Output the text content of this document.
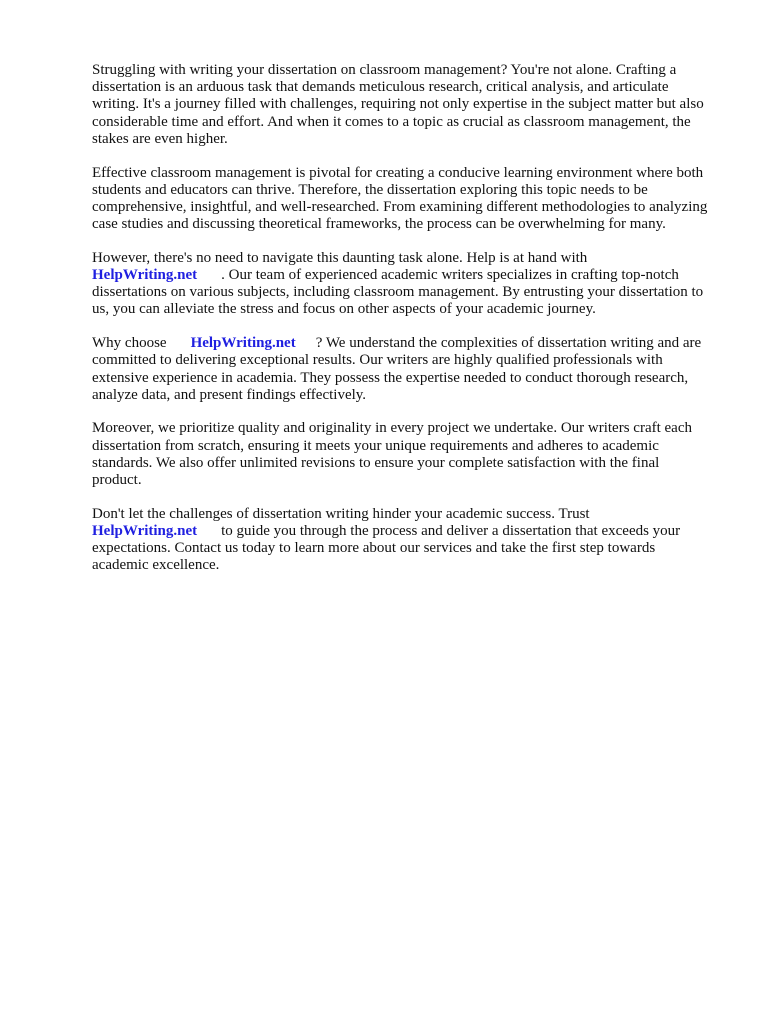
Struggling with writing your dissertation on classroom management? You're not alone. Crafting a dissertation is an arduous task that demands meticulous research, critical analysis, and articulate writing. It's a journey filled with challenges, requiring not only expertise in the subject matter but also considerable time and effort. And when it comes to a topic as crucial as classroom management, the stakes are even higher.

Effective classroom management is pivotal for creating a conducive learning environment where both students and educators can thrive. Therefore, the dissertation exploring this topic needs to be comprehensive, insightful, and well-researched. From examining different methodologies to analyzing case studies and discussing theoretical frameworks, the process can be overwhelming for many.

However, there's no need to navigate this daunting task alone. Help is at hand with
HelpWriting.net . Our team of experienced academic writers specializes in crafting top-notch dissertations on various subjects, including classroom management. By entrusting your dissertation to us, you can alleviate the stress and focus on other aspects of your academic journey.

Why choose HelpWriting.net ? We understand the complexities of dissertation writing and are committed to delivering exceptional results. Our writers are highly qualified professionals with extensive experience in academia. They possess the expertise needed to conduct thorough research, analyze data, and present findings effectively.

Moreover, we prioritize quality and originality in every project we undertake. Our writers craft each dissertation from scratch, ensuring it meets your unique requirements and adheres to academic standards. We also offer unlimited revisions to ensure your complete satisfaction with the final product.

Don't let the challenges of dissertation writing hinder your academic success. Trust
HelpWriting.net to guide you through the process and deliver a dissertation that exceeds your expectations. Contact us today to learn more about our services and take the first step towards academic excellence.
